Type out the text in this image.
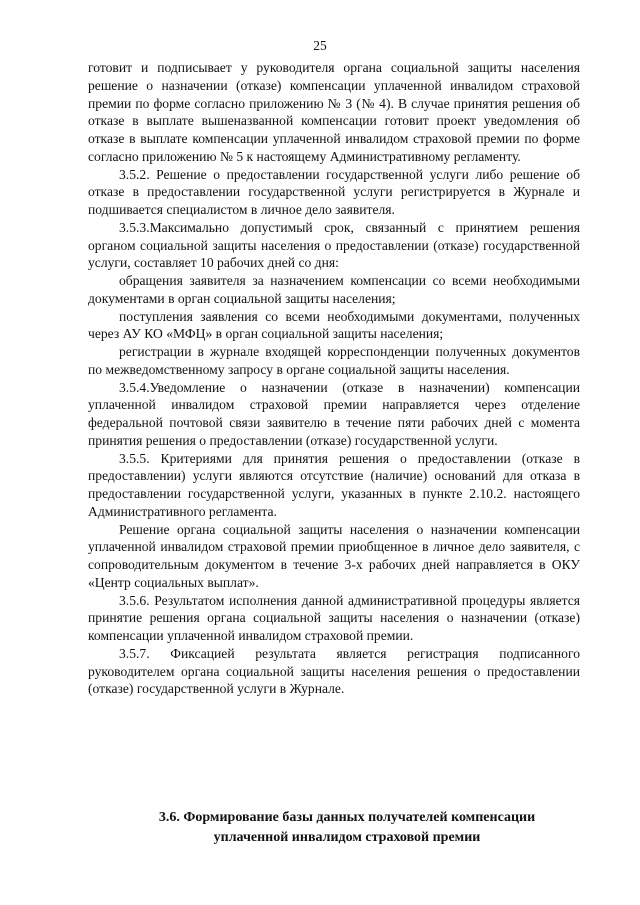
25

готовит и подписывает у руководителя органа социальной защиты населения решение о назначении (отказе) компенсации уплаченной инвалидом страховой премии по форме согласно приложению № 3 (№ 4). В случае принятия решения об отказе в выплате вышеназванной компенсации готовит проект уведомления об отказе в выплате компенсации уплаченной инвалидом страховой премии по форме согласно приложению № 5 к настоящему Административному регламенту.

3.5.2. Решение о предоставлении государственной услуги либо решение об отказе в предоставлении государственной услуги регистрируется в Журнале и подшивается специалистом в личное дело заявителя.

3.5.3.Максимально допустимый срок, связанный с принятием решения органом социальной защиты населения о предоставлении (отказе) государственной услуги, составляет 10 рабочих дней со дня:

обращения заявителя за назначением компенсации со всеми необходимыми документами в орган социальной защиты населения;

поступления заявления со всеми необходимыми документами, полученных через АУ КО «МФЦ» в орган социальной защиты населения;

регистрации в журнале входящей корреспонденции полученных документов по межведомственному запросу в органе социальной защиты населения.

3.5.4.Уведомление о назначении (отказе в назначении) компенсации уплаченной инвалидом страховой премии направляется через отделение федеральной почтовой связи заявителю в течение пяти рабочих дней с момента принятия решения о предоставлении (отказе) государственной услуги.

3.5.5. Критериями для принятия решения о предоставлении (отказе в предоставлении) услуги являются отсутствие (наличие) оснований для отказа в предоставлении государственной услуги, указанных в пункте 2.10.2. настоящего Административного регламента.

Решение органа социальной защиты населения о назначении компенсации уплаченной инвалидом страховой премии приобщенное в личное дело заявителя, с сопроводительным документом в течение 3-х рабочих дней направляется в ОКУ «Центр социальных выплат».

3.5.6. Результатом исполнения данной административной процедуры является принятие решения органа социальной защиты населения о назначении (отказе) компенсации уплаченной инвалидом страховой премии.

3.5.7. Фиксацией результата является регистрация подписанного руководителем органа социальной защиты населения решения о предоставлении (отказе) государственной услуги в Журнале.

3.6. Формирование базы данных получателей компенсации
уплаченной инвалидом страховой премии
